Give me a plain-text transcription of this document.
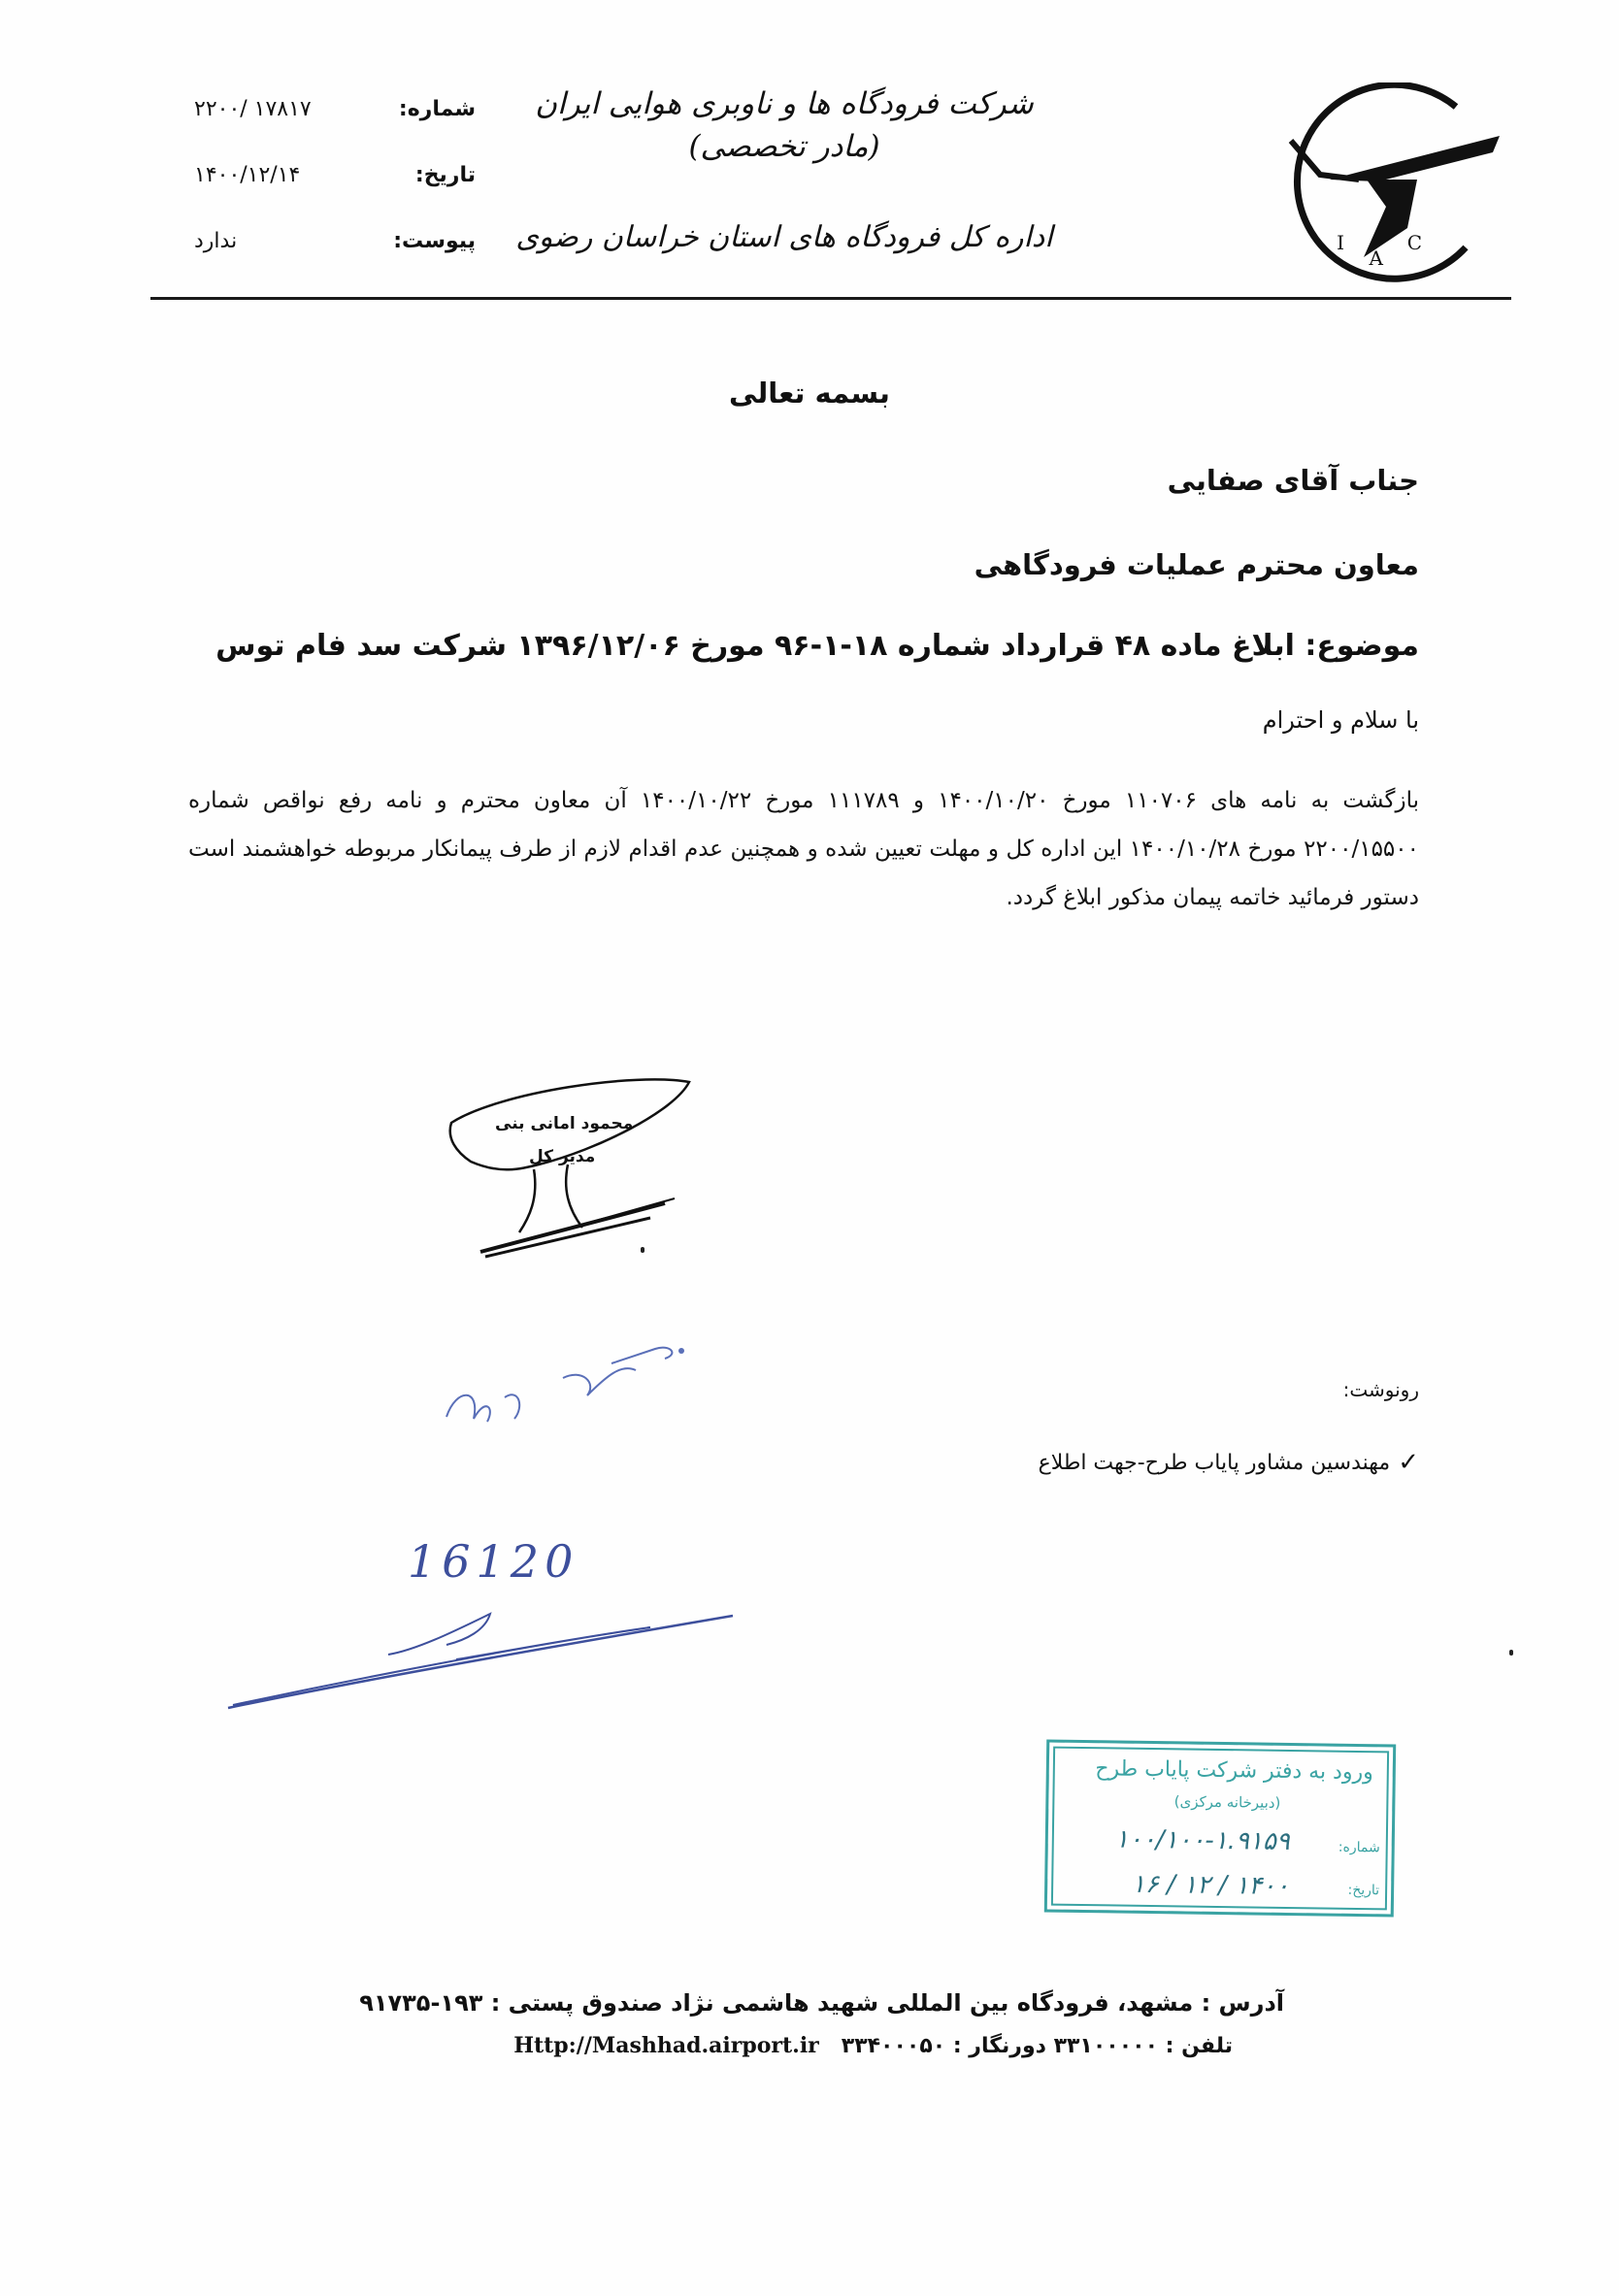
I
A
C
شرکت فرودگاه ها و ناوبری هوایی ایران (مادر تخصصی)
اداره کل فرودگاه های استان خراسان رضوی
شماره:
۲۲۰۰/ ۱۷۸۱۷
تاریخ:
۱۴۰۰/۱۲/۱۴
پیوست:
ندارد
بسمه تعالی
جناب آقای صفایی
معاون محترم عملیات فرودگاهی
موضوع: ابلاغ ماده ۴۸ قرارداد شماره ۱۸-۱-۹۶ مورخ ۱۳۹۶/۱۲/۰۶ شرکت سد فام توس
با سلام و احترام
بازگشت به نامه های ۱۱۰۷۰۶ مورخ ۱۴۰۰/۱۰/۲۰ و ۱۱۱۷۸۹ مورخ ۱۴۰۰/۱۰/۲۲ آن معاون محترم و نامه رفع نواقص شماره ۲۲۰۰/۱۵۵۰۰ مورخ ۱۴۰۰/۱۰/۲۸ این اداره کل و مهلت تعیین شده و همچنین عدم اقدام لازم از طرف پیمانکار مربوطه خواهشمند است دستور فرمائید خاتمه پیمان مذکور ابلاغ گردد.
محمود امانی بنی
مدیر کل
رونوشت:
✓
مهندسین مشاور پایاب طرح-جهت اطلاع
16120
ورود به دفتر شرکت پایاب طرح
(دبیرخانه مرکزی)
شماره:
۱۰۰/۱۰۰-۱.۹۱۵۹
تاریخ:
۱۴۰۰ / ۱۲ / ۱۶
آدرس : مشهد، فرودگاه بین المللی شهید هاشمی نژاد صندوق پستی : ۱۹۳-۹۱۷۳۵
تلفن : ۳۳۱۰۰۰۰۰ دورنگار : ۳۳۴۰۰۰۵۰   Http://Mashhad.airport.ir
